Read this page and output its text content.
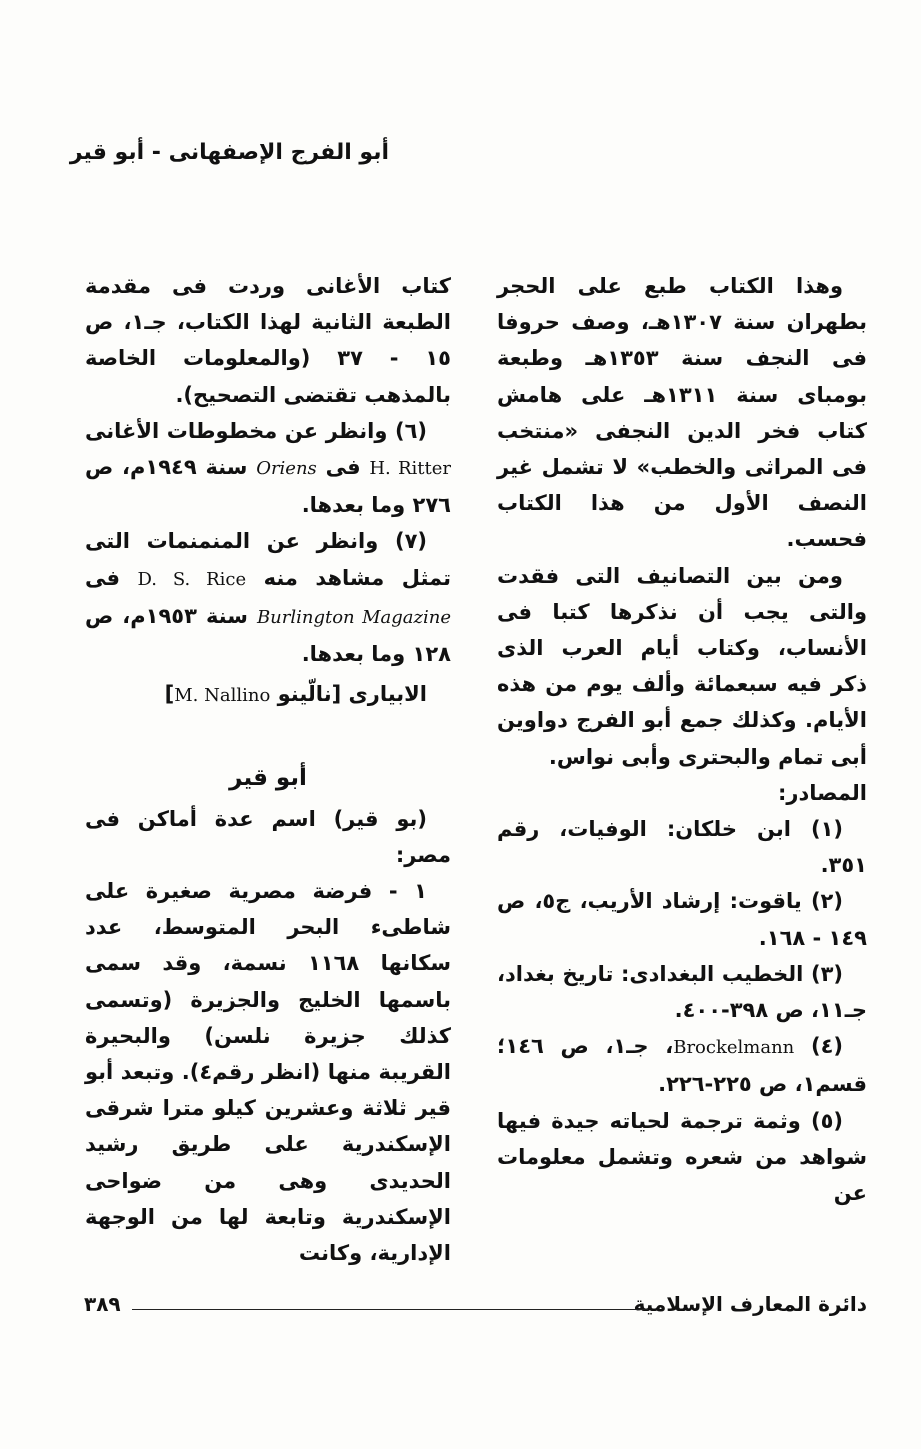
أبو الفرج الإصفهانى - أبو قير

وهذا الكتاب طبع على الحجر بطهران سنة ١٣٠٧هـ، وصف حروفا فى النجف سنة ١٣٥٣هـ وطبعة بومباى سنة ١٣١١هـ على هامش كتاب فخر الدين النجفى «منتخب فى المراثى والخطب» لا تشمل غير النصف الأول من هذا الكتاب فحسب.

ومن بين التصانيف التى فقدت والتى يجب أن نذكرها كتبا فى الأنساب، وكتاب أيام العرب الذى ذكر فيه سبعمائة وألف يوم من هذه الأيام. وكذلك جمع أبو الفرج دواوين أبى تمام والبحترى وأبى نواس.

المصادر:

(١) ابن خلكان: الوفيات، رقم ٣٥١.

(٢) ياقوت: إرشاد الأريب، ج٥، ص ١٤٩ - ١٦٨.

(٣) الخطيب البغدادى: تاريخ بغداد، جـ١١، ص ٣٩٨-٤٠٠.

(٤) Brockelmann، جـ١، ص ١٤٦؛ قسم١، ص ٢٢٥-٢٢٦.

(٥) وثمة ترجمة لحياته جيدة فيها شواهد من شعره وتشمل معلومات عن

كتاب الأغانى وردت فى مقدمة الطبعة الثانية لهذا الكتاب، جـ١، ص ١٥ - ٣٧ (والمعلومات الخاصة بالمذهب تقتضى التصحيح).

(٦) وانظر عن مخطوطات الأغانى H. Ritter فى Oriens سنة ١٩٤٩م، ص ٢٧٦ وما بعدها.

(٧) وانظر عن المنمنمات التى تمثل مشاهد منه D. S. Rice فى Burlington Magazine سنة ١٩٥٣م، ص ١٢٨ وما بعدها.

الابيارى [نالّينو M. Nallino]

أبو قير

(بو قير) اسم عدة أماكن فى مصر:

١ - فرضة مصرية صغيرة على شاطىء البحر المتوسط، عدد سكانها ١١٦٨ نسمة، وقد سمى باسمها الخليج والجزيرة (وتسمى كذلك جزيرة نلسن) والبحيرة القريبة منها (انظر رقم٤). وتبعد أبو قير ثلاثة وعشرين كيلو مترا شرقى الإسكندرية على طريق رشيد الحديدى وهى من ضواحى الإسكندرية وتابعة لها من الوجهة الإدارية، وكانت

دائرة المعارف الإسلامية
٣٨٩
